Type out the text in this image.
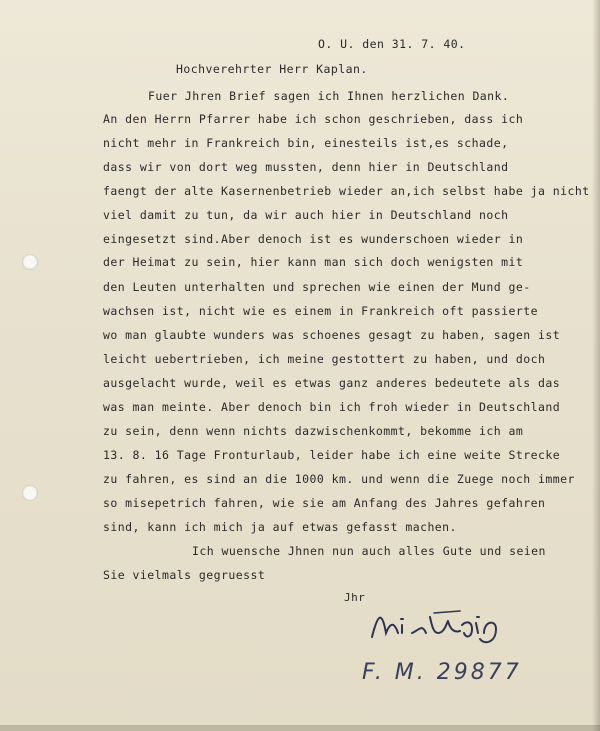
O. U. den 31. 7. 40.
Hochverehrter Herr Kaplan.
Fuer Jhren Brief sagen ich Ihnen herzlichen Dank.
An den Herrn Pfarrer habe ich schon geschrieben, dass ich
nicht mehr in Frankreich bin, einesteils ist,es schade,
dass wir von dort weg mussten, denn hier in Deutschland
faengt der alte Kasernenbetrieb wieder an,ich selbst habe ja nicht
viel damit zu tun, da wir auch hier in Deutschland noch
eingesetzt sind.Aber denoch ist es wunderschoen wieder in
der Heimat zu sein, hier kann man sich doch wenigsten mit
den Leuten unterhalten und sprechen wie einen der Mund ge-
wachsen ist, nicht wie es einem in Frankreich oft passierte
wo man glaubte wunders was schoenes gesagt zu haben, sagen ist
leicht uebertrieben, ich meine gestottert zu haben, und doch
ausgelacht wurde, weil es etwas ganz anderes bedeutete als das
was man meinte. Aber denoch bin ich froh wieder in Deutschland
zu sein, denn wenn nichts dazwischenkommt, bekomme ich am
13. 8. 16 Tage Fronturlaub, leider habe ich eine weite Strecke
zu fahren, es sind an die 1000 km. und wenn die Zuege noch immer
so misepetrich fahren, wie sie am Anfang des Jahres gefahren
sind, kann ich mich ja auf etwas gefasst machen.
Ich wuensche Jhnen nun auch alles Gute und seien
Sie vielmals gegruesst
Jhr
F. M. 29877
